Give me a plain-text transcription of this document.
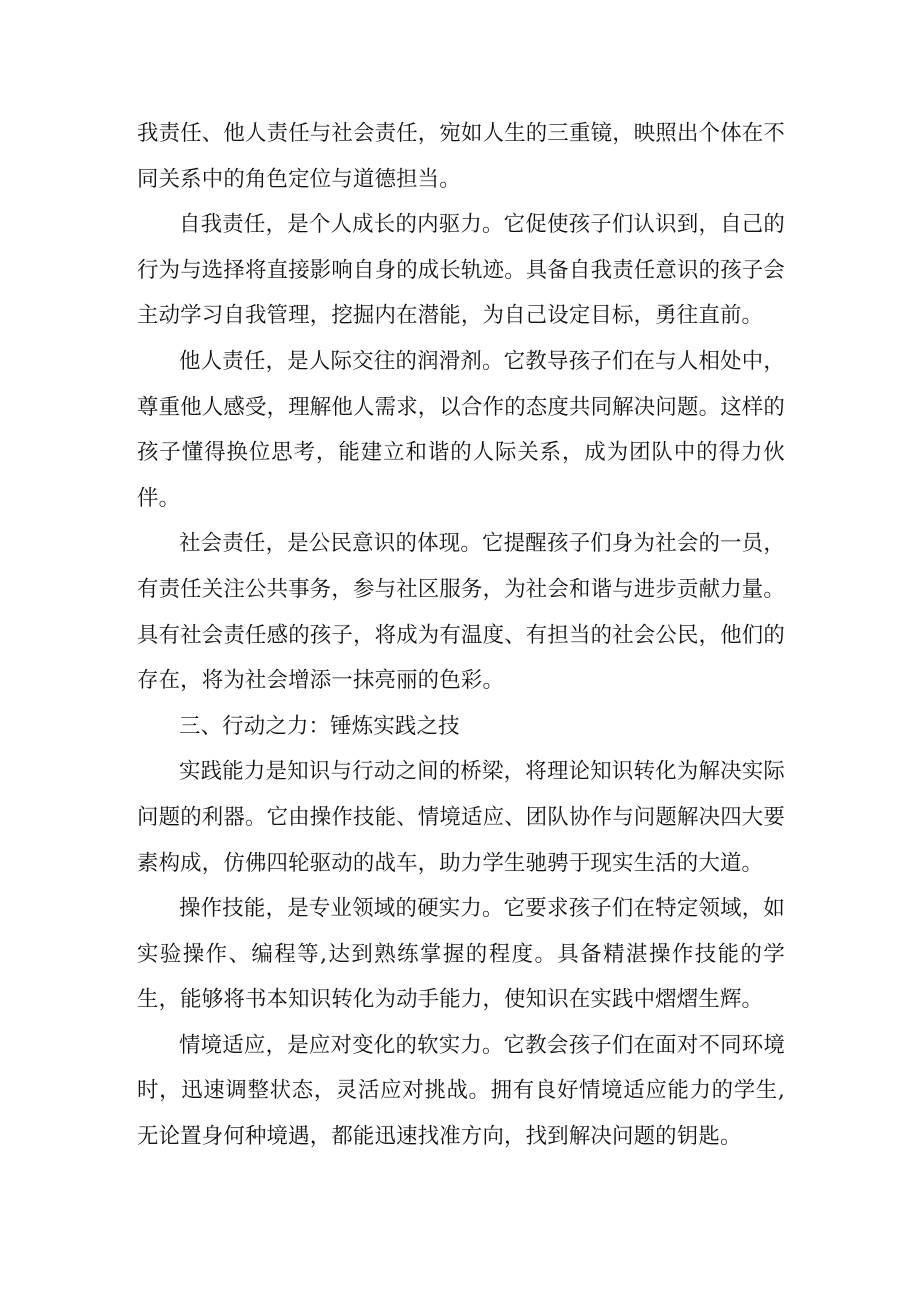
我责任、他人责任与社会责任，宛如人生的三重镜，映照出个体在不同关系中的角色定位与道德担当。

自我责任，是个人成长的内驱力。它促使孩子们认识到，自己的行为与选择将直接影响自身的成长轨迹。具备自我责任意识的孩子会主动学习自我管理，挖掘内在潜能，为自己设定目标，勇往直前。

他人责任，是人际交往的润滑剂。它教导孩子们在与人相处中，尊重他人感受，理解他人需求，以合作的态度共同解决问题。这样的孩子懂得换位思考，能建立和谐的人际关系，成为团队中的得力伙伴。

社会责任，是公民意识的体现。它提醒孩子们身为社会的一员，有责任关注公共事务，参与社区服务，为社会和谐与进步贡献力量。具有社会责任感的孩子，将成为有温度、有担当的社会公民，他们的存在，将为社会增添一抹亮丽的色彩。

三、行动之力：锤炼实践之技

实践能力是知识与行动之间的桥梁，将理论知识转化为解决实际问题的利器。它由操作技能、情境适应、团队协作与问题解决四大要素构成，仿佛四轮驱动的战车，助力学生驰骋于现实生活的大道。

操作技能，是专业领域的硬实力。它要求孩子们在特定领域，如实验操作、编程等,达到熟练掌握的程度。具备精湛操作技能的学生，能够将书本知识转化为动手能力，使知识在实践中熠熠生辉。

情境适应，是应对变化的软实力。它教会孩子们在面对不同环境时，迅速调整状态，灵活应对挑战。拥有良好情境适应能力的学生,无论置身何种境遇，都能迅速找准方向，找到解决问题的钥匙。
